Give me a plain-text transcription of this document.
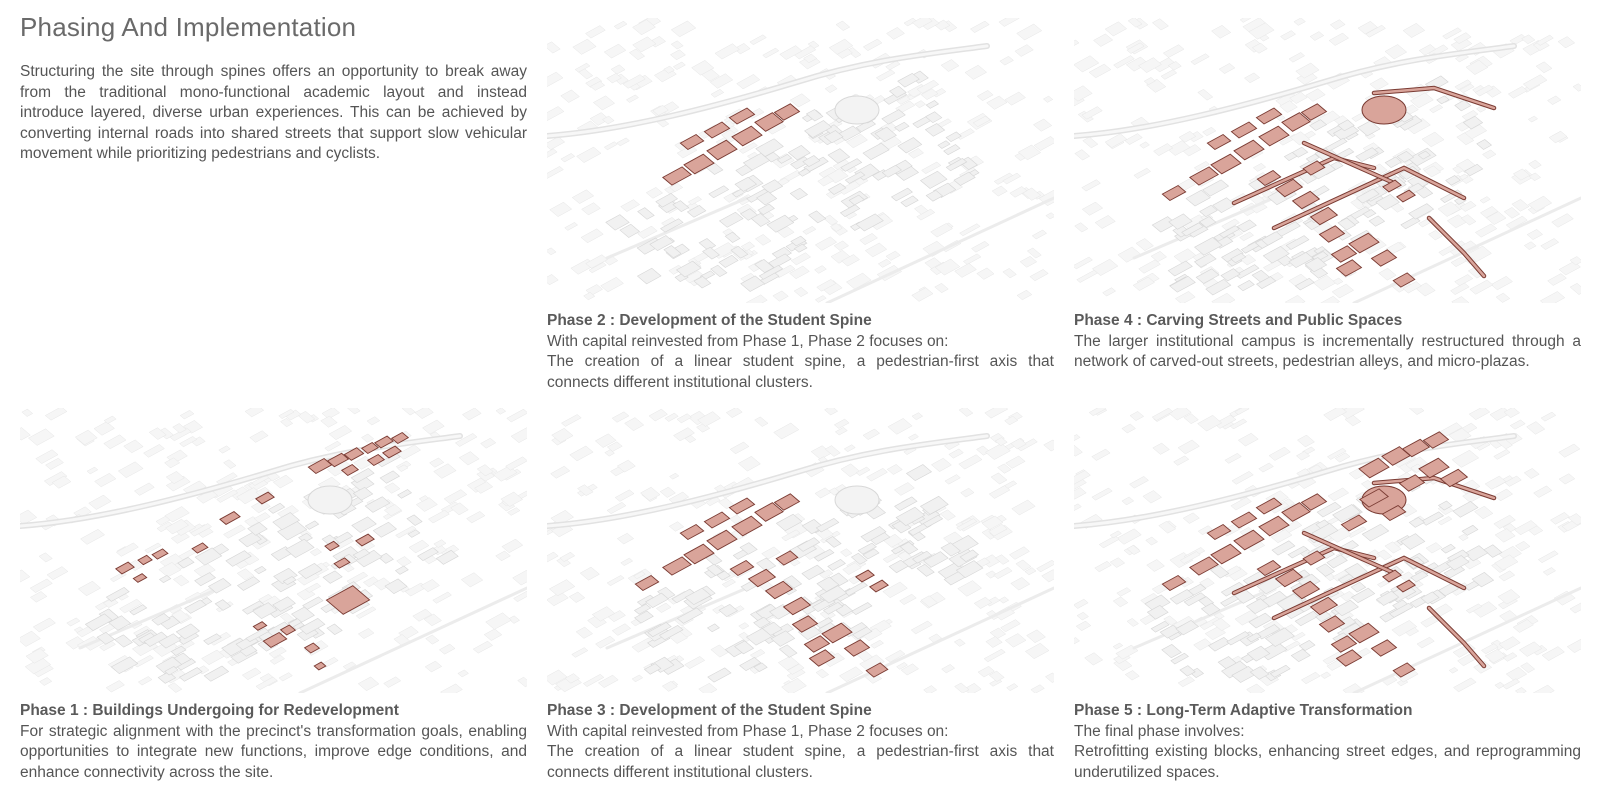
Phasing And Implementation

Structuring the site through spines offers an opportunity to break away from the traditional mono-functional academic layout and instead introduce layered, diverse urban experiences. This can be achieved by converting internal roads into shared streets that support slow vehicular movement while prioritizing pedestrians and cyclists.

Phase 1 : Buildings Undergoing for Redevelopment

For strategic alignment with the precinct's transformation goals, enabling opportunities to integrate new functions, improve edge conditions, and enhance connectivity across the site.

Phase 2 : Development of the Student Spine

With capital reinvested from Phase 1, Phase 2 focuses on:

The creation of a linear student spine, a pedestrian-first axis that connects different institutional clusters.

Phase 3 : Development of the Student Spine

With capital reinvested from Phase 1, Phase 2 focuses on:

The creation of a linear student spine, a pedestrian-first axis that connects different institutional clusters.

Phase 4 : Carving Streets and Public Spaces

The larger institutional campus is incrementally restructured through a network of carved-out streets, pedestrian alleys, and micro-plazas.

Phase 5 : Long-Term Adaptive Transformation

The final phase involves:

Retrofitting existing blocks, enhancing street edges, and reprogramming underutilized spaces.
